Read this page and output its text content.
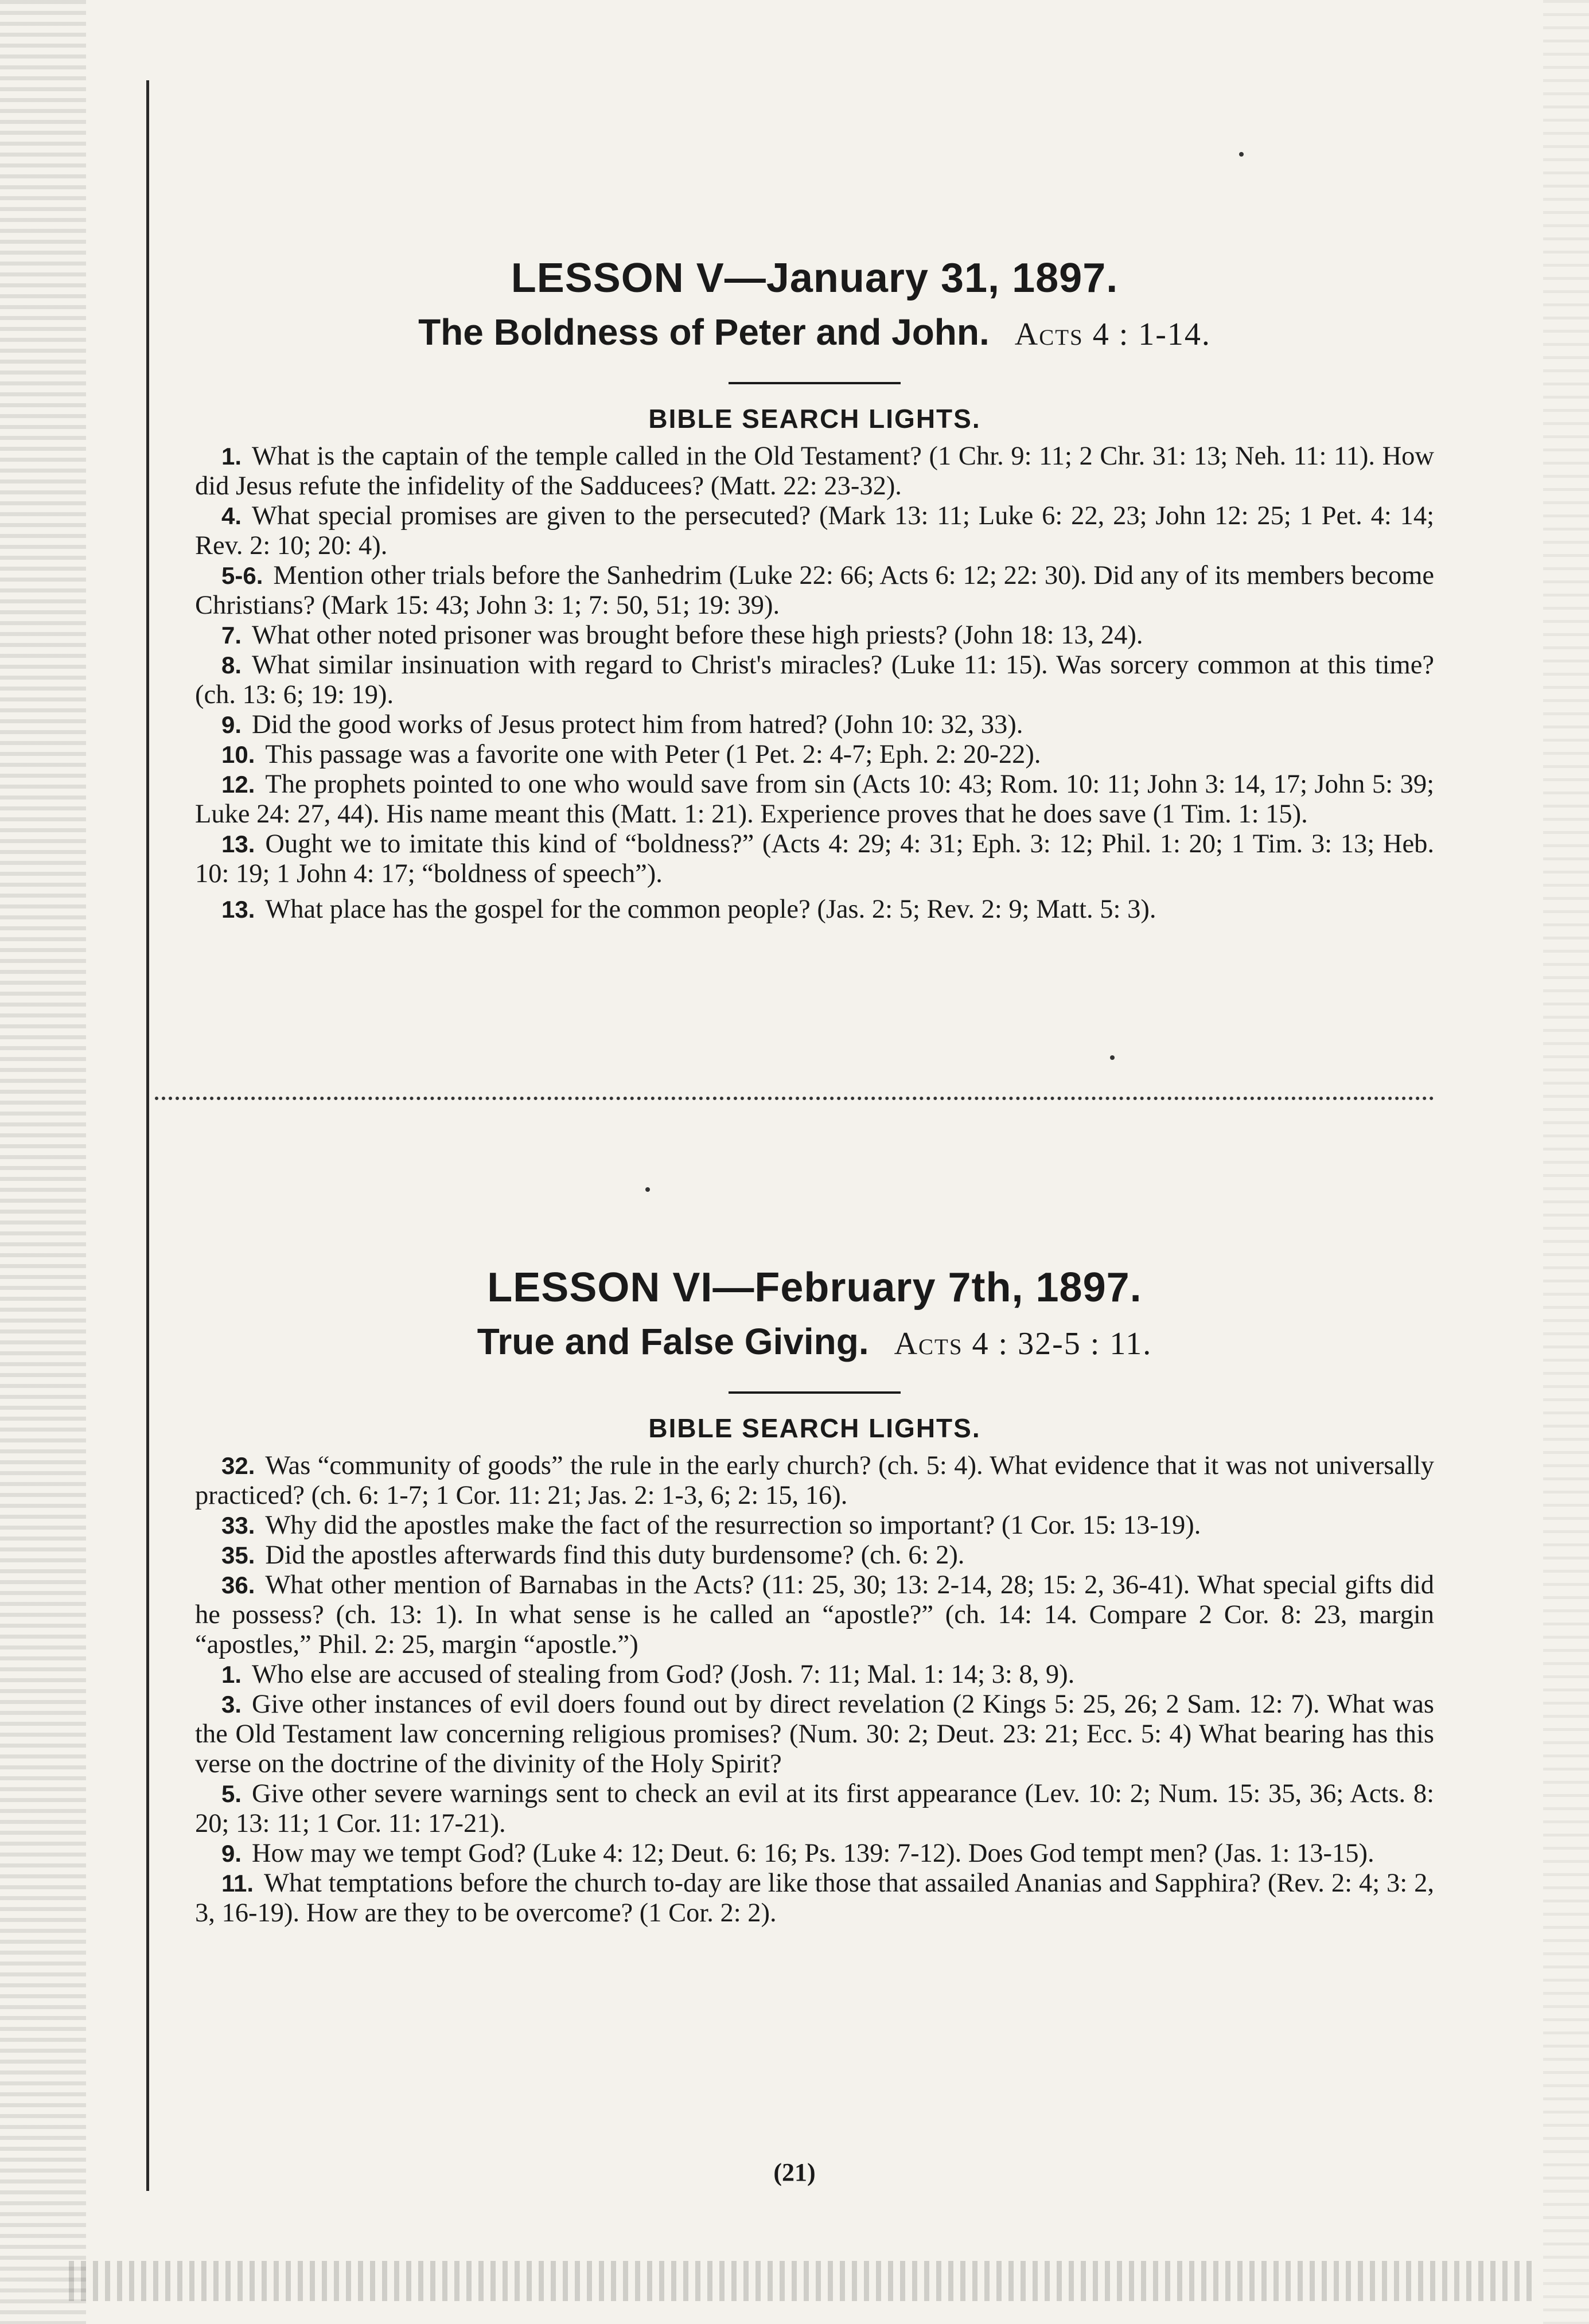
LESSON V—January 31, 1897.
The Boldness of Peter and John. Acts 4 : 1-14.
BIBLE SEARCH LIGHTS.

1. What is the captain of the temple called in the Old Testament? (1 Chr. 9: 11; 2 Chr. 31: 13; Neh. 11: 11). How did Jesus refute the infidelity of the Sadducees? (Matt. 22: 23-32).

4. What special promises are given to the persecuted? (Mark 13: 11; Luke 6: 22, 23; John 12: 25; 1 Pet. 4: 14; Rev. 2: 10; 20: 4).

5-6. Mention other trials before the Sanhedrim (Luke 22: 66; Acts 6: 12; 22: 30). Did any of its members become Christians? (Mark 15: 43; John 3: 1; 7: 50, 51; 19: 39).

7. What other noted prisoner was brought before these high priests? (John 18: 13, 24).

8. What similar insinuation with regard to Christ's miracles? (Luke 11: 15). Was sorcery common at this time? (ch. 13: 6; 19: 19).

9. Did the good works of Jesus protect him from hatred? (John 10: 32, 33).

10. This passage was a favorite one with Peter (1 Pet. 2: 4-7; Eph. 2: 20-22).

12. The prophets pointed to one who would save from sin (Acts 10: 43; Rom. 10: 11; John 3: 14, 17; John 5: 39; Luke 24: 27, 44). His name meant this (Matt. 1: 21). Experience proves that he does save (1 Tim. 1: 15).

13. Ought we to imitate this kind of “boldness?” (Acts 4: 29; 4: 31; Eph. 3: 12; Phil. 1: 20; 1 Tim. 3: 13; Heb. 10: 19; 1 John 4: 17; “boldness of speech”).

13. What place has the gospel for the common people? (Jas. 2: 5; Rev. 2: 9; Matt. 5: 3).

LESSON VI—February 7th, 1897.
True and False Giving. Acts 4 : 32-5 : 11.
BIBLE SEARCH LIGHTS.

32. Was “community of goods” the rule in the early church? (ch. 5: 4). What evidence that it was not universally practiced? (ch. 6: 1-7; 1 Cor. 11: 21; Jas. 2: 1-3, 6; 2: 15, 16).

33. Why did the apostles make the fact of the resurrection so important? (1 Cor. 15: 13-19).

35. Did the apostles afterwards find this duty burdensome? (ch. 6: 2).

36. What other mention of Barnabas in the Acts? (11: 25, 30; 13: 2-14, 28; 15: 2, 36-41). What special gifts did he possess? (ch. 13: 1). In what sense is he called an “apostle?” (ch. 14: 14. Compare 2 Cor. 8: 23, margin “apostles,” Phil. 2: 25, margin “apostle.”)

1. Who else are accused of stealing from God? (Josh. 7: 11; Mal. 1: 14; 3: 8, 9).

3. Give other instances of evil doers found out by direct revelation (2 Kings 5: 25, 26; 2 Sam. 12: 7). What was the Old Testament law concerning religious promises? (Num. 30: 2; Deut. 23: 21; Ecc. 5: 4) What bearing has this verse on the doctrine of the divinity of the Holy Spirit?

5. Give other severe warnings sent to check an evil at its first appearance (Lev. 10: 2; Num. 15: 35, 36; Acts. 8: 20; 13: 11; 1 Cor. 11: 17-21).

9. How may we tempt God? (Luke 4: 12; Deut. 6: 16; Ps. 139: 7-12). Does God tempt men? (Jas. 1: 13-15).

11. What temptations before the church to-day are like those that assailed Ananias and Sapphira? (Rev. 2: 4; 3: 2, 3, 16-19). How are they to be overcome? (1 Cor. 2: 2).

(21)
